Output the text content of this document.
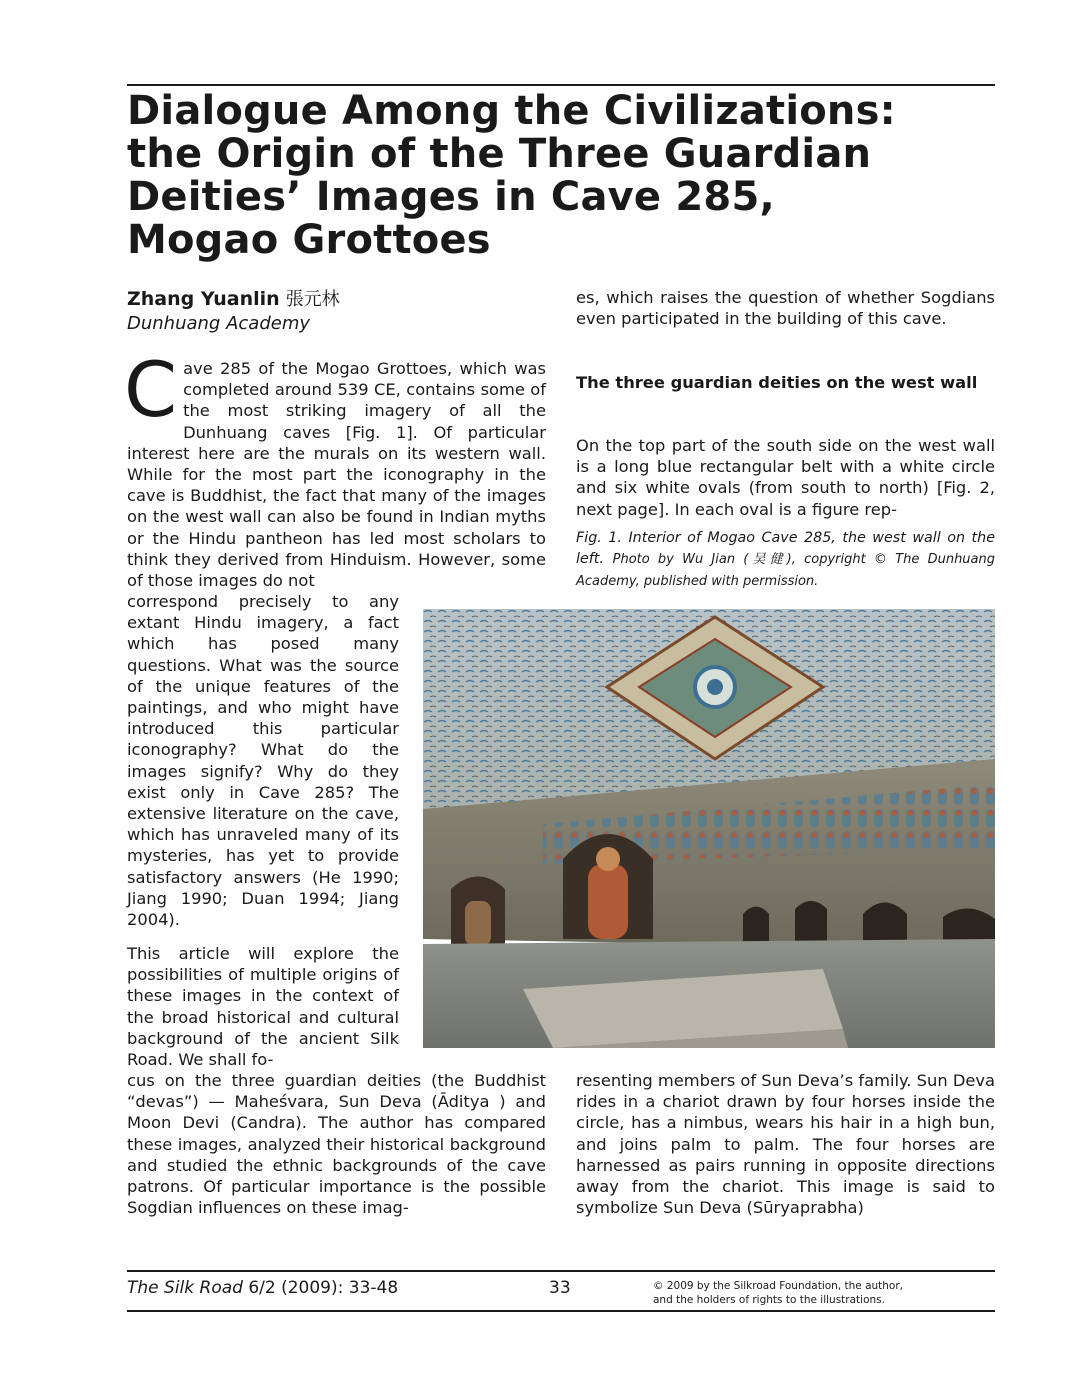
Dialogue Among the Civilizations:
the Origin of the Three Guardian
Deities’ Images in Cave 285,
Mogao Grottoes
Zhang Yuanlin 張元林
Dunhuang Academy

Cave 285 of the Mogao Grottoes, which was completed around 539 CE, contains some of the most striking imagery of all the Dunhuang caves [Fig. 1]. Of particular interest here are the murals on its western wall. While for the most part the iconography in the cave is Buddhist, the fact that many of the images on the west wall can also be found in Indian myths or the Hindu pantheon has led most scholars to think they derived from Hinduism. However, some of those images do not

correspond precisely to any extant Hindu imagery, a fact which has posed many questions. What was the source of the unique features of the paintings, and who might have introduced this particular iconography? What do the images signify? Why do they exist only in Cave 285? The extensive literature on the cave, which has unraveled many of its mysteries, has yet to provide satisfactory answers (He 1990; Jiang 1990; Duan 1994; Jiang 2004).

This article will explore the possibilities of multiple origins of these images in the context of the broad historical and cultural background of the ancient Silk Road. We shall fo-

cus on the three guardian deities (the Buddhist “devas”) — Maheśvara, Sun Deva (Āditya ) and Moon Devi (Candra). The author has compared these images, analyzed their historical background and studied the ethnic backgrounds of the cave patrons. Of particular importance is the possible Sogdian influences on these imag-

es, which raises the question of whether Sogdians even participated in the building of this cave.

The three guardian deities on the west wall

On the top part of the south side on the west wall is a long blue rectangular belt with a white circle and six white ovals (from south to north) [Fig. 2, next page]. In each oval is a figure rep-

Fig. 1. Interior of Mogao Cave 285, the west wall on the left. Photo by Wu Jian (吴健), copyright © The Dunhuang Academy, published with permission.

resenting members of Sun Deva’s family. Sun Deva rides in a chariot drawn by four horses inside the circle, has a nimbus, wears his hair in a high bun, and joins palm to palm. The four horses are harnessed as pairs running in opposite directions away from the chariot. This image is said to symbolize Sun Deva (Sūryaprabha)

The Silk Road 6/2 (2009): 33-48	33	© 2009 by the Silkroad Foundation, the author,
and the holders of rights to the illustrations.
